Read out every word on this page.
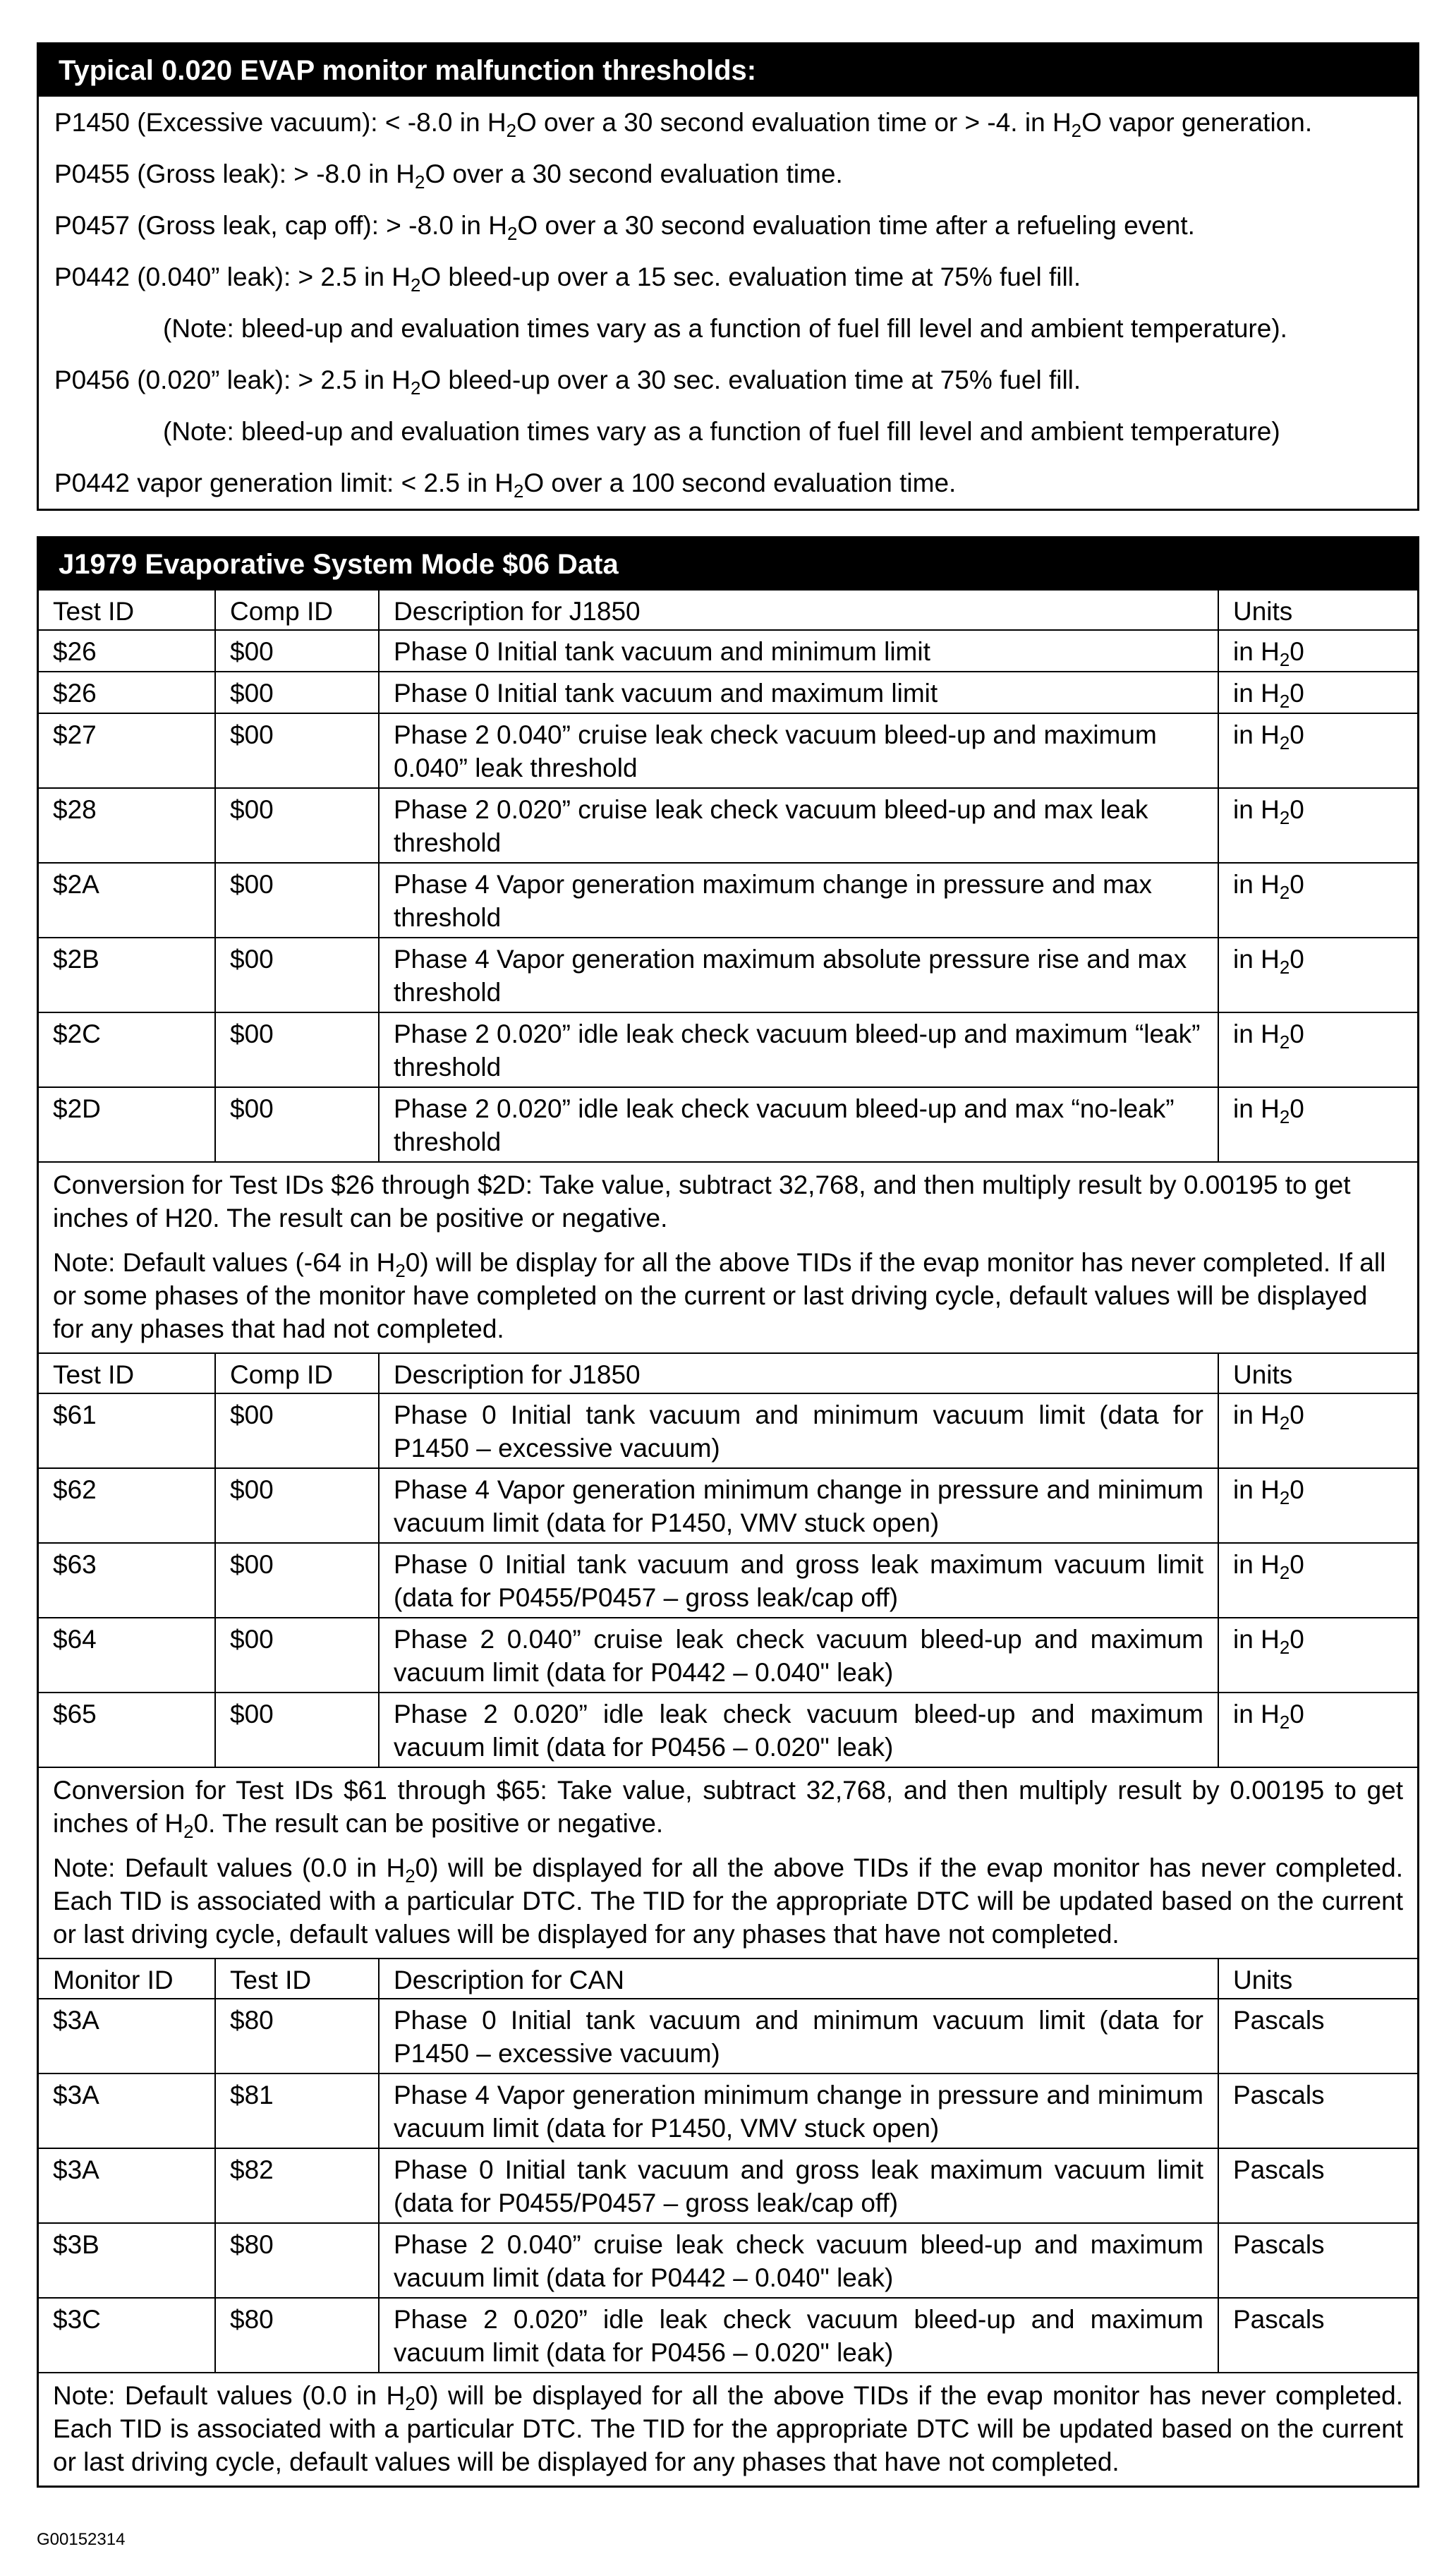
Typical 0.020 EVAP monitor malfunction thresholds:
P1450 (Excessive vacuum): < -8.0 in $H_2O$ over a 30 second evaluation time or > -4. in $H_2O$ vapor generation.
P0455 (Gross leak): > -8.0 in $H_2O$ over a 30 second evaluation time.
P0457 (Gross leak, cap off): > -8.0 in $H_2O$ over a 30 second evaluation time after a refueling event.
P0442 (0.040” leak): > 2.5 in $H_2O$ bleed-up over a 15 sec. evaluation time at 75% fuel fill.
(Note: bleed-up and evaluation times vary as a function of fuel fill level and ambient temperature).
P0456 (0.020” leak): > 2.5 in $H_2O$ bleed-up over a 30 sec. evaluation time at 75% fuel fill.
(Note: bleed-up and evaluation times vary as a function of fuel fill level and ambient temperature)
P0442 vapor generation limit: < 2.5 in $H_2O$ over a 100 second evaluation time.
J1979 Evaporative System Mode $06 Data
Test ID	Comp ID	Description for J1850	Units
$26	$00	Phase 0 Initial tank vacuum and minimum limit	in $H_20$
$26	$00	Phase 0 Initial tank vacuum and maximum limit	in $H_20$
$27	$00	Phase 2 0.040” cruise leak check vacuum bleed-up and maximum 0.040” leak threshold	in $H_20$
$28	$00	Phase 2 0.020” cruise leak check vacuum bleed-up and max leak threshold	in $H_20$
$2A	$00	Phase 4 Vapor generation maximum change in pressure and max threshold	in $H_20$
$2B	$00	Phase 4 Vapor generation maximum absolute pressure rise and max threshold	in $H_20$
$2C	$00	Phase 2 0.020” idle leak check vacuum bleed-up and maximum “leak” threshold	in $H_20$
$2D	$00	Phase 2 0.020” idle leak check vacuum bleed-up and max “no-leak” threshold	in $H_20$

Conversion for Test IDs $26 through $2D: Take value, subtract 32,768, and then multiply result by 0.00195 to get inches of H20. The result can be positive or negative.

Note: Default values (-64 in $H_20$) will be display for all the above TIDs if the evap monitor has never completed. If all or some phases of the monitor have completed on the current or last driving cycle, default values will be displayed for any phases that had not completed.			

Test ID	Comp ID	Description for J1850	Units
$61	$00	Phase 0 Initial tank vacuum and minimum vacuum limit (data for P1450 – excessive vacuum)	in $H_20$
$62	$00	Phase 4 Vapor generation minimum change in pressure and minimum vacuum limit (data for P1450, VMV stuck open)	in $H_20$
$63	$00	Phase 0 Initial tank vacuum and gross leak maximum vacuum limit (data for P0455/P0457 – gross leak/cap off)	in $H_20$
$64	$00	Phase 2 0.040” cruise leak check vacuum bleed-up and maximum vacuum limit (data for P0442 – 0.040" leak)	in $H_20$
$65	$00	Phase 2 0.020” idle leak check vacuum bleed-up and maximum vacuum limit (data for P0456 – 0.020" leak)	in $H_20$

Conversion for Test IDs $61 through $65: Take value, subtract 32,768, and then multiply result by 0.00195 to get inches of $H_20$. The result can be positive or negative.

Note: Default values (0.0 in $H_20$) will be displayed for all the above TIDs if the evap monitor has never completed. Each TID is associated with a particular DTC. The TID for the appropriate DTC will be updated based on the current or last driving cycle, default values will be displayed for any phases that have not completed.			

Monitor ID	Test ID	Description for CAN	Units
$3A	$80	Phase 0 Initial tank vacuum and minimum vacuum limit (data for P1450 – excessive vacuum)	Pascals
$3A	$81	Phase 4 Vapor generation minimum change in pressure and minimum vacuum limit (data for P1450, VMV stuck open)	Pascals
$3A	$82	Phase 0 Initial tank vacuum and gross leak maximum vacuum limit (data for P0455/P0457 – gross leak/cap off)	Pascals
$3B	$80	Phase 2 0.040” cruise leak check vacuum bleed-up and maximum vacuum limit (data for P0442 – 0.040" leak)	Pascals
$3C	$80	Phase 2 0.020” idle leak check vacuum bleed-up and maximum vacuum limit (data for P0456 – 0.020" leak)	Pascals

Note: Default values (0.0 in $H_20$) will be displayed for all the above TIDs if the evap monitor has never completed. Each TID is associated with a particular DTC. The TID for the appropriate DTC will be updated based on the current or last driving cycle, default values will be displayed for any phases that have not completed.			

G00152314
